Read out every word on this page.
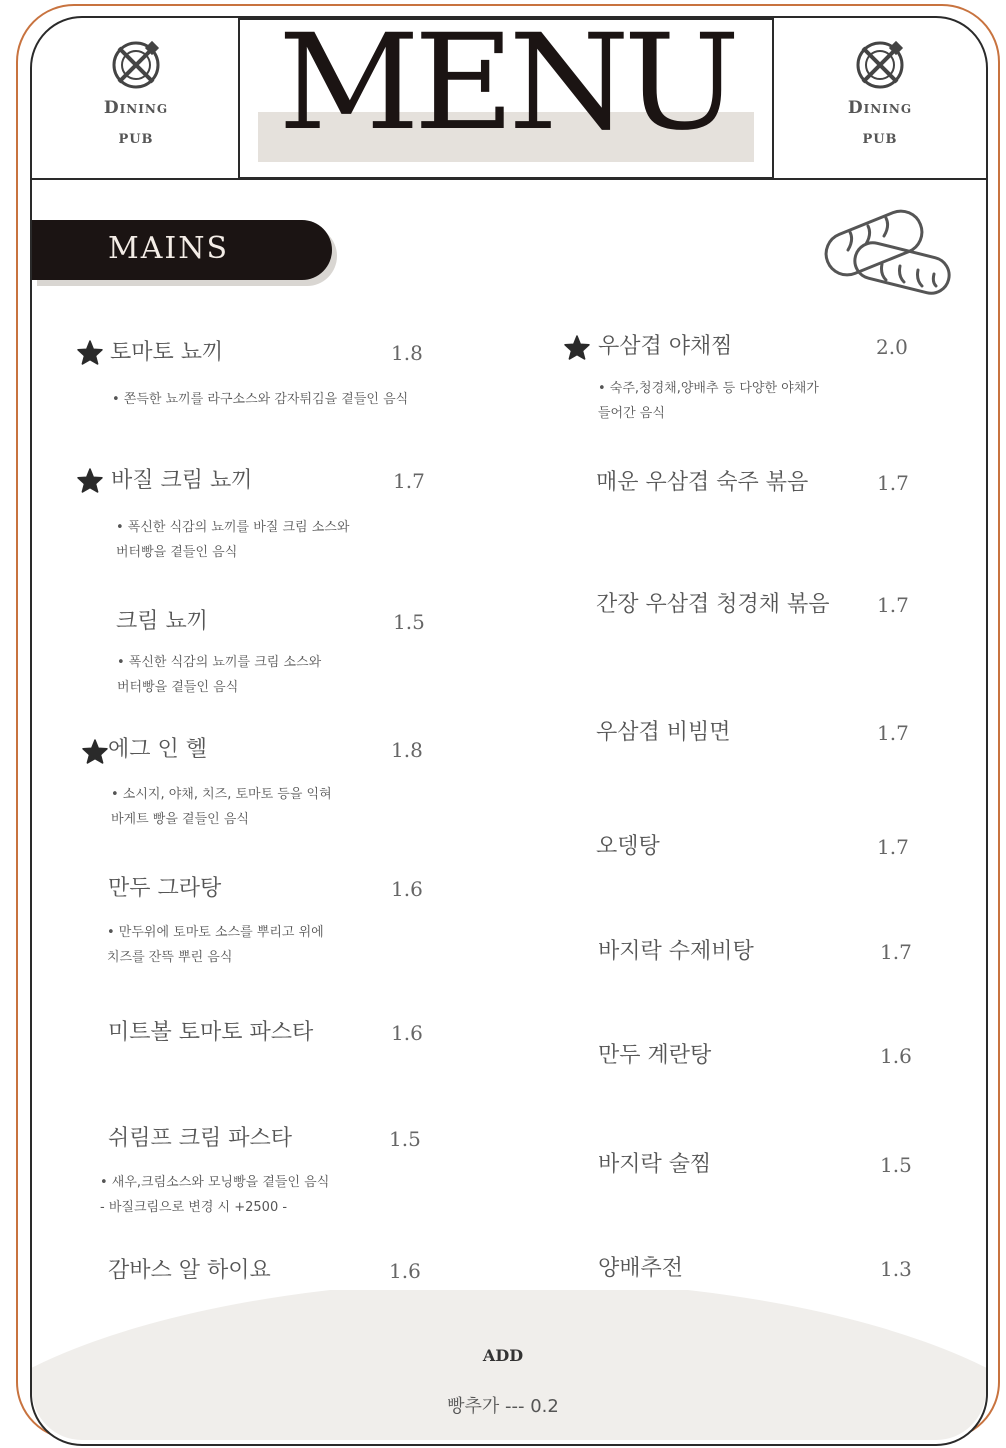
MENU
Dining
PUB
Dining
PUB
MAINS
토마토 뇨끼	1.8
• 쫀득한 뇨끼를 라구소스와 감자튀김을 곁들인 음식
바질 크림 뇨끼	1.7
• 폭신한 식감의 뇨끼를 바질 크림 소스와
버터빵을 곁들인 음식
크림 뇨끼	1.5
• 폭신한 식감의 뇨끼를 크림 소스와
버터빵을 곁들인 음식
에그 인 헬	1.8
• 소시지, 야채, 치즈, 토마토 등을 익혀
바게트 빵을 곁들인 음식
만두 그라탕	1.6
• 만두위에 토마토 소스를 뿌리고 위에
치즈를 잔뜩 뿌린 음식
미트볼 토마토 파스타	1.6
쉬림프 크림 파스타	1.5
• 새우,크림소스와 모닝빵을 곁들인 음식
- 바질크림으로 변경 시 +2500 -
감바스 알 하이요	1.6
우삼겹 야채찜	2.0
• 숙주,청경채,양배추 등 다양한 야채가
들어간 음식
매운 우삼겹 숙주 볶음	1.7
간장 우삼겹 청경채 볶음 1.7
우삼겹 비빔면	1.7
오뎅탕	1.7
바지락 수제비탕	1.7
만두 계란탕	1.6
바지락 술찜	1.5
양배추전	1.3
ADD
빵추가 --- 0.2
